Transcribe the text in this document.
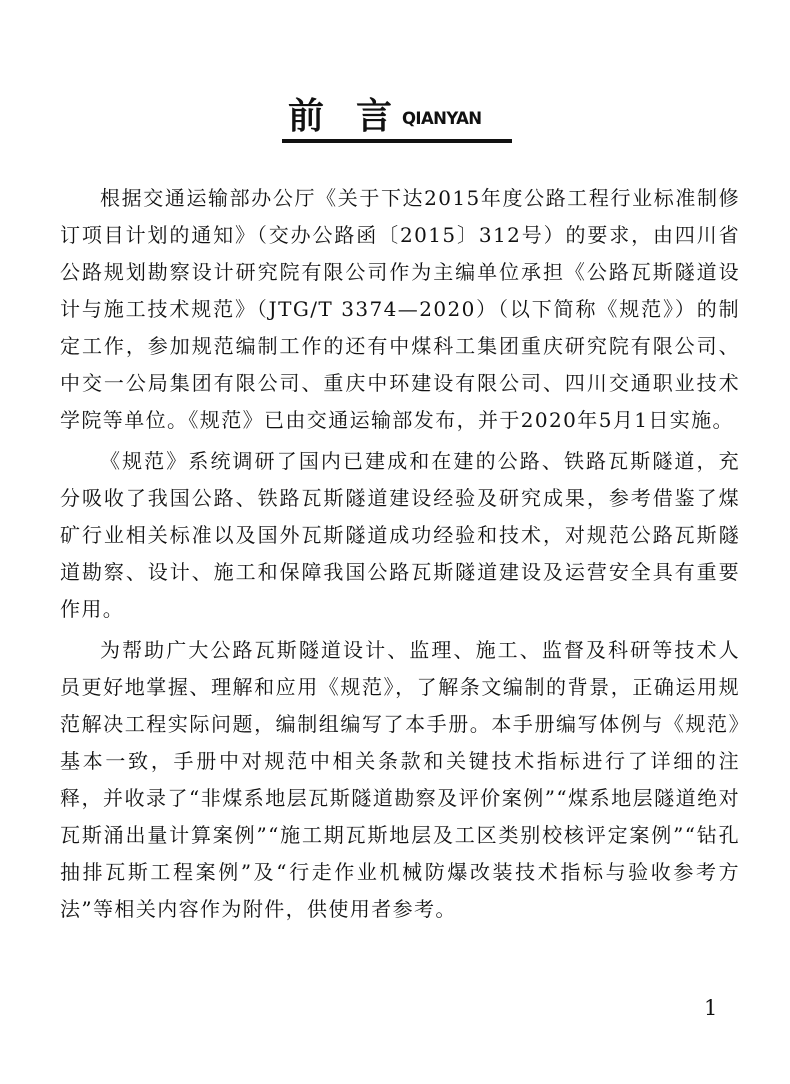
前言
QIANYAN

根据交通运输部办公厅《关于下达2015年度公路工程行业标准制修订项目计划的通知》（交办公路函〔2015〕312号）的要求，由四川省公路规划勘察设计研究院有限公司作为主编单位承担《公路瓦斯隧道设计与施工技术规范》（JTG/T 3374—2020）（以下简称《规范》）的制定工作，参加规范编制工作的还有中煤科工集团重庆研究院有限公司、中交一公局集团有限公司、重庆中环建设有限公司、四川交通职业技术学院等单位。《规范》已由交通运输部发布，并于2020年5月1日实施。

《规范》系统调研了国内已建成和在建的公路、铁路瓦斯隧道，充分吸收了我国公路、铁路瓦斯隧道建设经验及研究成果，参考借鉴了煤矿行业相关标准以及国外瓦斯隧道成功经验和技术，对规范公路瓦斯隧道勘察、设计、施工和保障我国公路瓦斯隧道建设及运营安全具有重要作用。

为帮助广大公路瓦斯隧道设计、监理、施工、监督及科研等技术人员更好地掌握、理解和应用《规范》，了解条文编制的背景，正确运用规范解决工程实际问题，编制组编写了本手册。本手册编写体例与《规范》基本一致，手册中对规范中相关条款和关键技术指标进行了详细的注释，并收录了“非煤系地层瓦斯隧道勘察及评价案例”“煤系地层隧道绝对瓦斯涌出量计算案例”“施工期瓦斯地层及工区类别校核评定案例”“钻孔抽排瓦斯工程案例”及“行走作业机械防爆改装技术指标与验收参考方法”等相关内容作为附件，供使用者参考。

1
